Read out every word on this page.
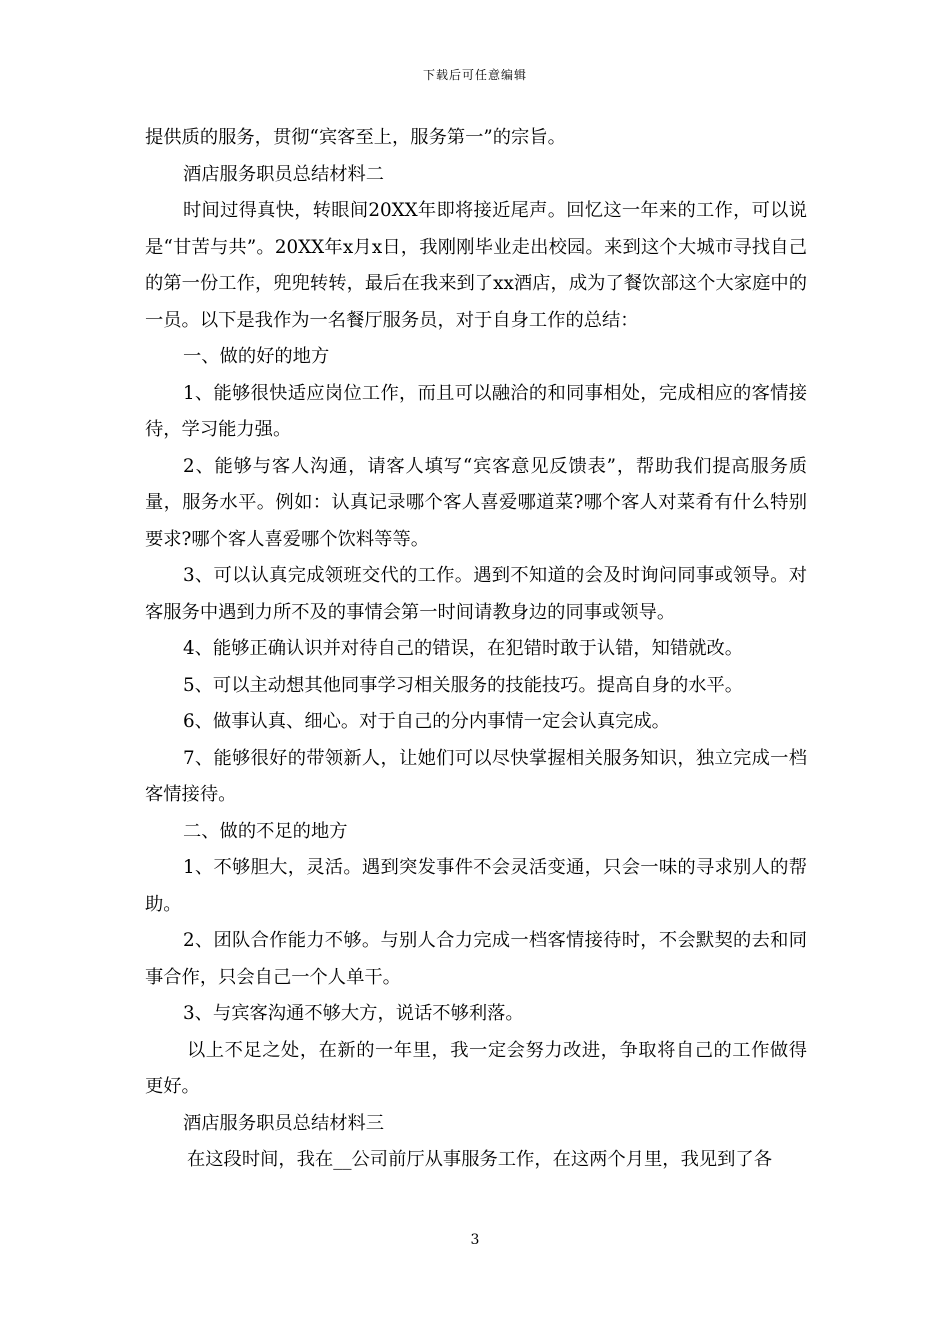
下载后可任意编辑

提供质的服务，贯彻“宾客至上，服务第一”的宗旨。

酒店服务职员总结材料二

时间过得真快，转眼间20XX年即将接近尾声。回忆这一年来的工作，可以说是“甘苦与共”。20XX年x月x日，我刚刚毕业走出校园。来到这个大城市寻找自己的第一份工作，兜兜转转，最后在我来到了xx酒店，成为了餐饮部这个大家庭中的一员。以下是我作为一名餐厅服务员，对于自身工作的总结：

一、做的好的地方

1、能够很快适应岗位工作，而且可以融洽的和同事相处，完成相应的客情接待，学习能力强。

2、能够与客人沟通，请客人填写“宾客意见反馈表”，帮助我们提高服务质量，服务水平。例如：认真记录哪个客人喜爱哪道菜?哪个客人对菜肴有什么特别要求?哪个客人喜爱哪个饮料等等。

3、可以认真完成领班交代的工作。遇到不知道的会及时询问同事或领导。对客服务中遇到力所不及的事情会第一时间请教身边的同事或领导。

4、能够正确认识并对待自己的错误，在犯错时敢于认错，知错就改。

5、可以主动想其他同事学习相关服务的技能技巧。提高自身的水平。

6、做事认真、细心。对于自己的分内事情一定会认真完成。

7、能够很好的带领新人，让她们可以尽快掌握相关服务知识，独立完成一档客情接待。

二、做的不足的地方

1、不够胆大，灵活。遇到突发事件不会灵活变通，只会一味的寻求别人的帮助。

2、团队合作能力不够。与别人合力完成一档客情接待时，不会默契的去和同事合作，只会自己一个人单干。

3、与宾客沟通不够大方，说话不够利落。

以上不足之处，在新的一年里，我一定会努力改进，争取将自己的工作做得更好。

酒店服务职员总结材料三

在这段时间，我在__公司前厅从事服务工作，在这两个月里，我见到了各

3
